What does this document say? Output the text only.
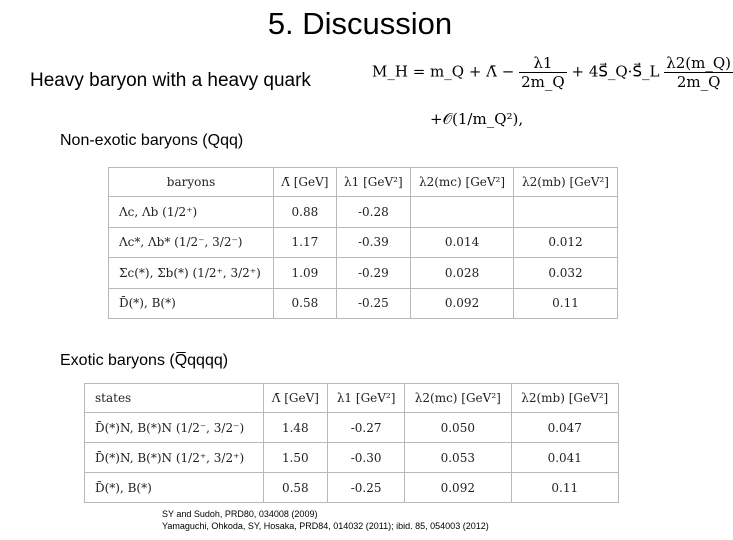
5. Discussion
Heavy baryon with a heavy quark	M_H = m_Q + Λ̄ − $\frac{\lambda 1}{2m\_Q}$ + 4S⃗_Q·S⃗_L $\frac{\lambda 2(m\_Q)}{2m\_Q}$
+𝒪(1/m_Q²),
Non-exotic baryons (Qqq)
baryons	Λ̄ [GeV]	λ1 [GeV²]	λ2(mc) [GeV²]	λ2(mb) [GeV²]
Λc, Λb (1/2⁺)	0.88	-0.28		
Λc*, Λb* (1/2⁻, 3/2⁻)	1.17	-0.39	0.014	0.012
Σc(*), Σb(*) (1/2⁺, 3/2⁺)	1.09	-0.29	0.028	0.032
D̄(*), B(*)	0.58	-0.25	0.092	0.11
Exotic baryons (Q̅qqqq)
states	Λ̄ [GeV]	λ1 [GeV²]	λ2(mc) [GeV²]	λ2(mb) [GeV²]
D̄(*)N, B(*)N (1/2⁻, 3/2⁻)	1.48	-0.27	0.050	0.047
D̄(*)N, B(*)N (1/2⁺, 3/2⁺)	1.50	-0.30	0.053	0.041
D̄(*), B(*)	0.58	-0.25	0.092	0.11
SY and Sudoh, PRD80, 034008 (2009)
Yamaguchi, Ohkoda, SY, Hosaka, PRD84, 014032 (2011); ibid. 85, 054003 (2012)
